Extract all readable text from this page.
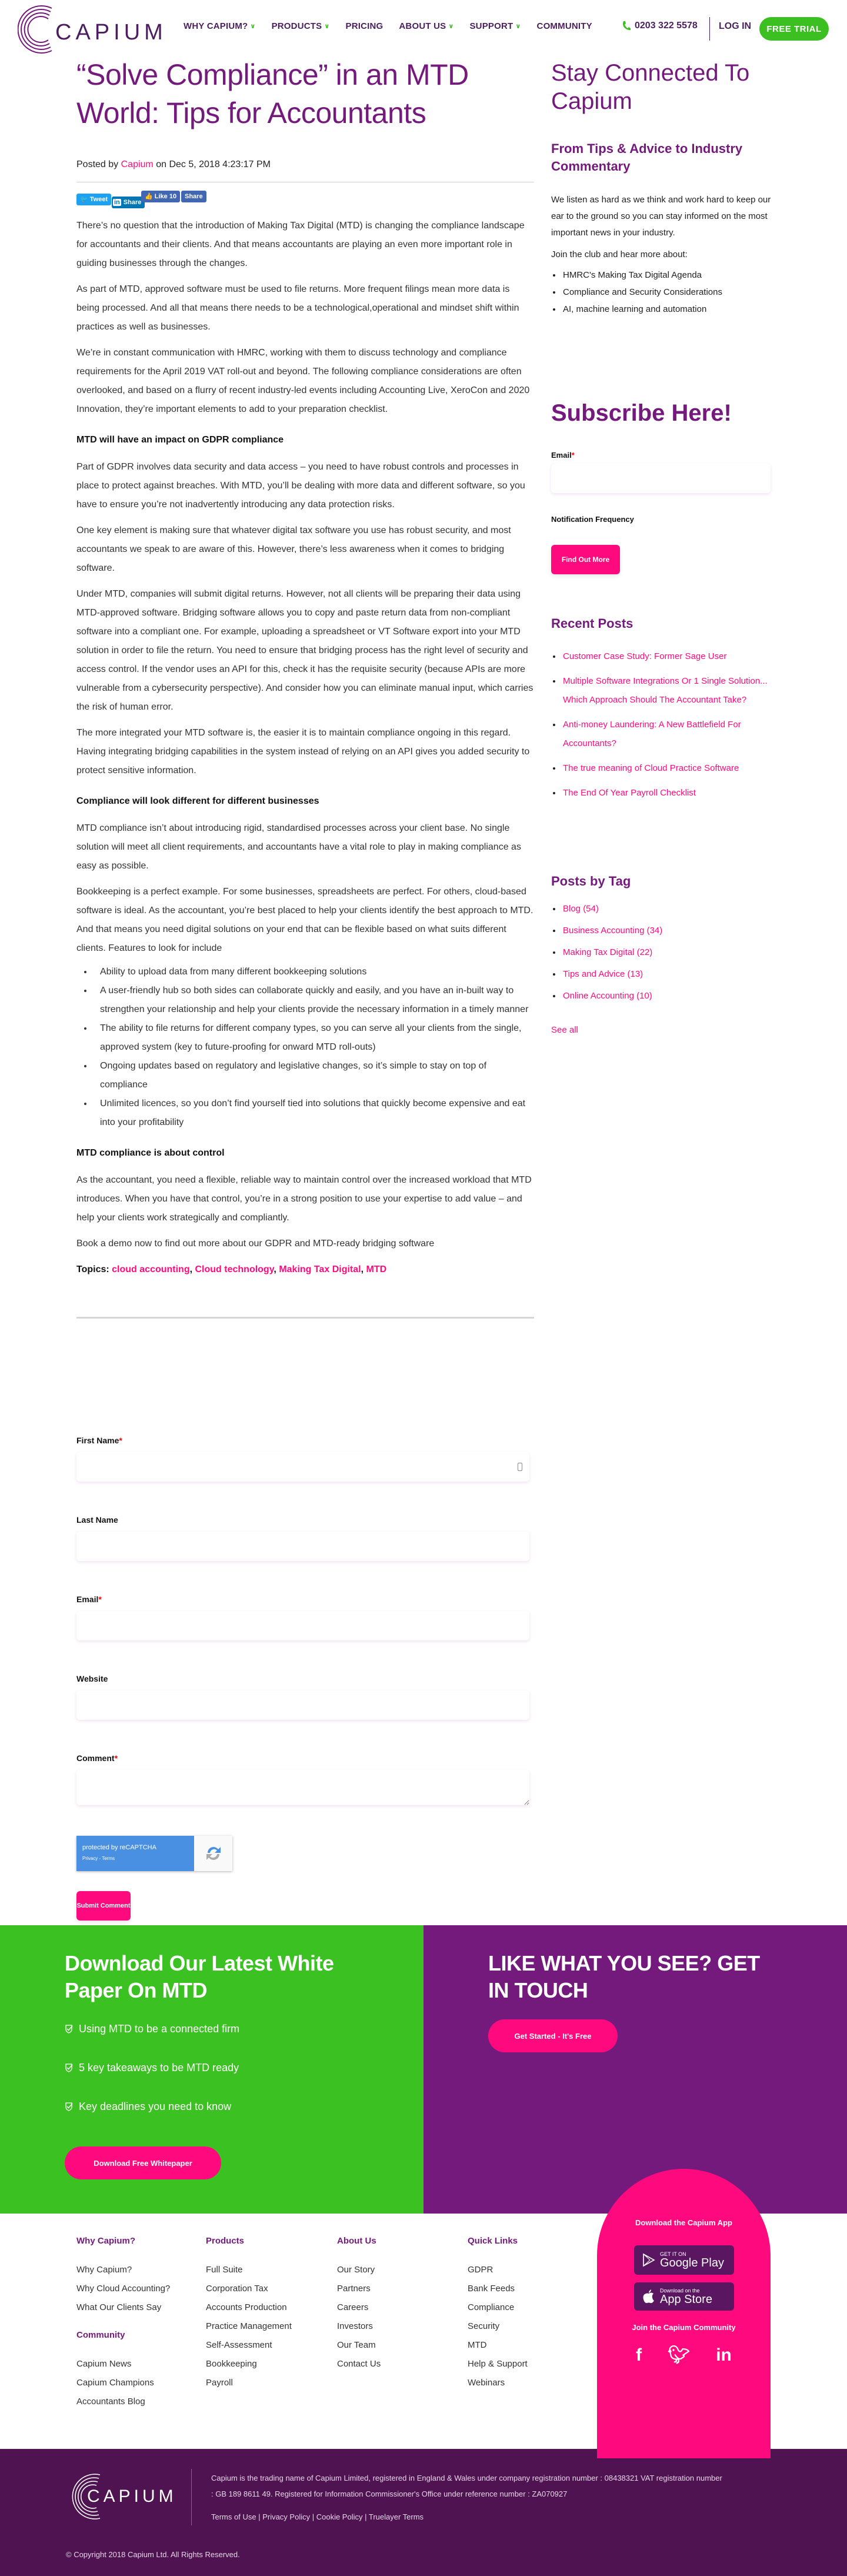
CAPIUM WHY CAPIUM? ∨ PRODUCTS ∨ PRICING ABOUT US ∨ SUPPORT ∨ COMMUNITY	0203 322 5578 LOG IN	FREE TRIAL
“Solve Compliance” in an MTD World: Tips for Accountants
Posted by Capium on Dec 5, 2018 4:23:17 PM
🐦 Tweet in Share
👍 Like 10	Share

There’s no question that the introduction of Making Tax Digital (MTD) is changing the compliance landscape for accountants and their clients. And that means accountants are playing an even more important role in guiding businesses through the changes.

As part of MTD, approved software must be used to file returns. More frequent filings mean more data is being processed. And all that means there needs to be a technological,operational and mindset shift within practices as well as businesses.

We’re in constant communication with HMRC, working with them to discuss technology and compliance requirements for the April 2019 VAT roll-out and beyond. The following compliance considerations are often overlooked, and based on a flurry of recent industry-led events including Accounting Live, XeroCon and 2020 Innovation, they’re important elements to add to your preparation checklist.

MTD will have an impact on GDPR compliance

Part of GDPR involves data security and data access – you need to have robust controls and processes in place to protect against breaches. With MTD, you’ll be dealing with more data and different software, so you have to ensure you’re not inadvertently introducing any data protection risks.

One key element is making sure that whatever digital tax software you use has robust security, and most accountants we speak to are aware of this. However, there’s less awareness when it comes to bridging software.

Under MTD, companies will submit digital returns. However, not all clients will be preparing their data using MTD-approved software. Bridging software allows you to copy and paste return data from non-compliant software into a compliant one. For example, uploading a spreadsheet or VT Software export into your MTD solution in order to file the return. You need to ensure that bridging process has the right level of security and access control. If the vendor uses an API for this, check it has the requisite security (because APIs are more vulnerable from a cybersecurity perspective). And consider how you can eliminate manual input, which carries the risk of human error.

The more integrated your MTD software is, the easier it is to maintain compliance ongoing in this regard. Having integrating bridging capabilities in the system instead of relying on an API gives you added security to protect sensitive information.

Compliance will look different for different businesses

MTD compliance isn’t about introducing rigid, standardised processes across your client base. No single solution will meet all client requirements, and accountants have a vital role to play in making compliance as easy as possible.

Bookkeeping is a perfect example. For some businesses, spreadsheets are perfect. For others, cloud-based software is ideal. As the accountant, you’re best placed to help your clients identify the best approach to MTD. And that means you need digital solutions on your end that can be flexible based on what suits different clients. Features to look for include

• Ability to upload data from many different bookkeeping solutions
• A user-friendly hub so both sides can collaborate quickly and easily, and you have an in-built way to strengthen your relationship and help your clients provide the necessary information in a timely manner
• The ability to file returns for different company types, so you can serve all your clients from the single, approved system (key to future-proofing for onward MTD roll-outs)
• Ongoing updates based on regulatory and legislative changes, so it’s simple to stay on top of compliance
• Unlimited licences, so you don’t find yourself tied into solutions that quickly become expensive and eat into your profitability
MTD compliance is about control

As the accountant, you need a flexible, reliable way to maintain control over the increased workload that MTD introduces. When you have that control, you’re in a strong position to use your expertise to add value – and help your clients work strategically and compliantly.

Book a demo now to find out more about our GDPR and MTD-ready bridging software

Topics: cloud accounting, Cloud technology, Making Tax Digital, MTD
First Name*
Last Name
Email*
Website
Comment*
protected by reCAPTCHA
Privacy - Terms
Submit Comment
Stay Connected To Capium
From Tips & Advice to Industry Commentary

We listen as hard as we think and work hard to keep our ear to the ground so you can stay informed on the most important news in your industry.

Join the club and hear more about:

• HMRC's Making Tax Digital Agenda
• Compliance and Security Considerations
• AI, machine learning and automation
Subscribe Here!
Email*
Notification Frequency
Find Out More
Recent Posts
• Customer Case Study: Former Sage User
• Multiple Software Integrations Or 1 Single Solution... Which Approach Should The Accountant Take?
• Anti-money Laundering: A New Battlefield For Accountants?
• The true meaning of Cloud Practice Software
• The End Of Year Payroll Checklist
Posts by Tag
• Blog (54)
• Business Accounting (34)
• Making Tax Digital (22)
• Tips and Advice (13)
• Online Accounting (10)
See all
Download Our Latest White Paper On MTD
Using MTD to be a connected firm
5 key takeaways to be MTD ready
Key deadlines you need to know
Download Free Whitepaper
LIKE WHAT YOU SEE? GET IN TOUCH
Get Started - It's Free
Why Capium?
Why Capium?
Why Cloud Accounting?
What Our Clients Say
Community
Capium News
Capium Champions
Accountants Blog
Products
Full Suite
Corporation Tax
Accounts Production
Practice Management
Self-Assessment
Bookkeeping
Payroll
About Us
Our Story
Partners
Careers
Investors
Our Team
Contact Us
Quick Links
GDPR
Bank Feeds
Compliance
Security
MTD
Help & Support
Webinars
CAPIUM

Capium is the trading name of Capium Limited, registered in England & Wales under company registration number : 08438321 VAT registration number : GB 189 8611 49. Registered for Information Commissioner's Office under reference number : ZA070927

Terms of Use | Privacy Policy | Cookie Policy | Truelayer Terms

© Copyright 2018 Capium Ltd. All Rights Reserved.

Download the Capium App
GET IT ON
Google Play
Download on the
App Store
Join the Capium Community
f 🐦︎ in
